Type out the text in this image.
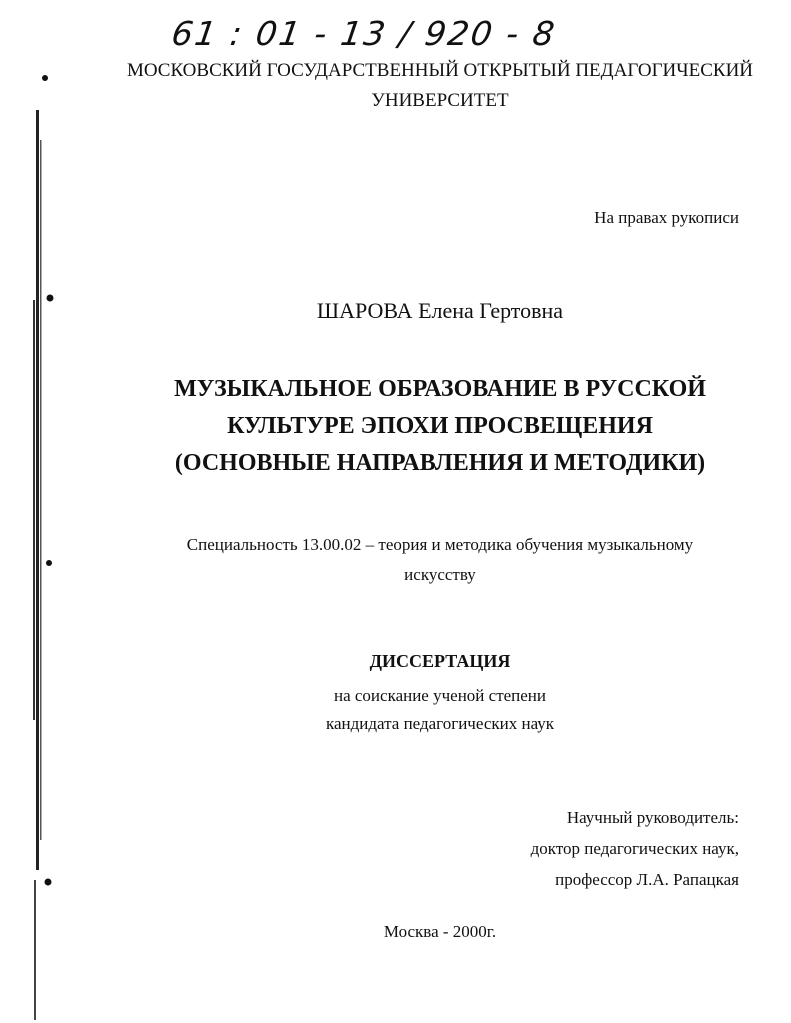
61 : 01 - 13 / 920 - 8
МОСКОВСКИЙ ГОСУДАРСТВЕННЫЙ ОТКРЫТЫЙ ПЕДАГОГИЧЕСКИЙ
УНИВЕРСИТЕТ
На правах рукописи
ШАРОВА Елена Гертовна
МУЗЫКАЛЬНОЕ ОБРАЗОВАНИЕ В РУССКОЙ
КУЛЬТУРЕ ЭПОХИ ПРОСВЕЩЕНИЯ
(ОСНОВНЫЕ НАПРАВЛЕНИЯ И МЕТОДИКИ)
Специальность 13.00.02 – теория и методика обучения музыкальному
искусству
ДИССЕРТАЦИЯ
на соискание ученой степени
кандидата педагогических наук
Научный руководитель:
доктор педагогических наук,
профессор Л.А. Рапацкая
Москва - 2000г.
